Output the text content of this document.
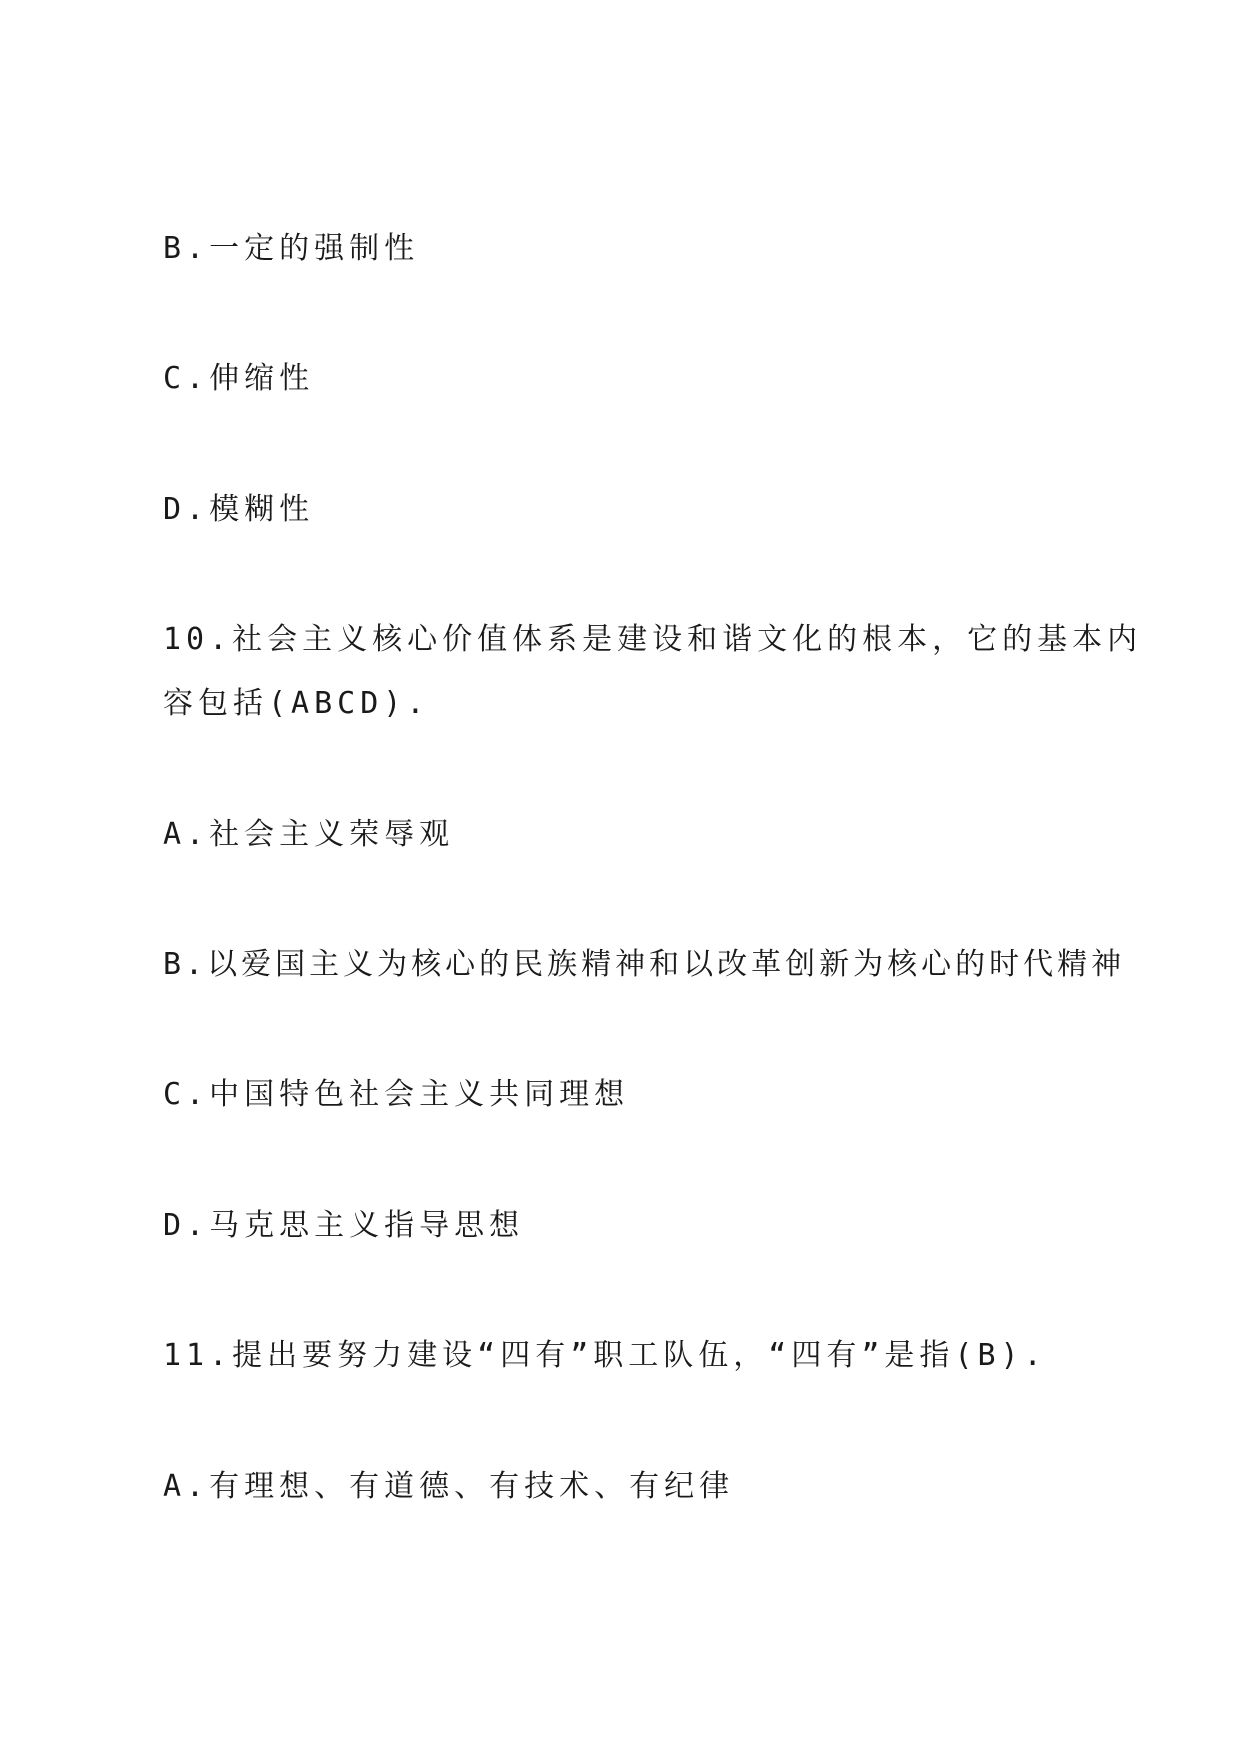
B.一定的强制性
C.伸缩性
D.模糊性
10.社会主义核心价值体系是建设和谐文化的根本，它的基本内
容包括(ABCD).
A.社会主义荣辱观
B.以爱国主义为核心的民族精神和以改革创新为核心的时代精神
C.中国特色社会主义共同理想
D.马克思主义指导思想
11.提出要努力建设“四有”职工队伍，“四有”是指(B).
A.有理想、有道德、有技术、有纪律
